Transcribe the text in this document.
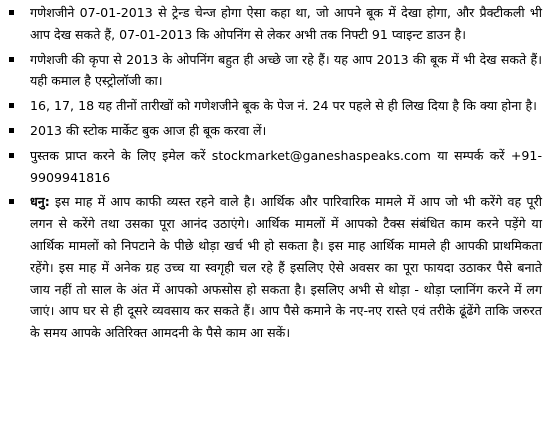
गणेशजीने 07-01-2013 से ट्रेन्ड चेन्ज होगा ऐसा कहा था, जो आपने बूक में देखा होगा, और प्रैक्टीकली भी आप देख सकते हैं, 07-01-2013 कि ओपनिंग से लेकर अभी तक निफ्टी 91 प्वाइन्ट डाउन है।
गणेशजी की कृपा से 2013 के ओपनिंग बहुत ही अच्छे जा रहे हैं। यह आप 2013 की बूक में भी देख सकते हैं। यही कमाल है एस्ट्रोलॉजी का।
16, 17, 18 यह तीनों तारीखों को गणेशजीने बूक के पेज नं. 24 पर पहले से ही लिख दिया है कि क्या होना है।
2013 की स्टोक मार्केट बुक आज ही बूक करवा लें।
पुस्तक प्राप्त करने के लिए इमेल करें stockmarket@ganeshaspeaks.com या सम्पर्क करें +91-9909941816
धनु: इस माह में आप काफी व्यस्त रहने वाले है। आर्थिक और पारिवारिक मामले में आप जो भी करेंगे वह पूरी लगन से करेंगे तथा उसका पूरा आनंद उठाएंगे। आर्थिक मामलों में आपको टैक्स संबंधित काम करने पड़ेंगे या आर्थिक मामलों को निपटाने के पीछे थोड़ा खर्च भी हो सकता है। इस माह आर्थिक मामले ही आपकी प्राथमिकता रहेंगे। इस माह में अनेक ग्रह उच्च या स्वगृही चल रहे हैं इसलिए ऐसे अवसर का पूरा फायदा उठाकर पैसे बनाते जाय नहीं तो साल के अंत में आपको अफसोस हो सकता है। इसलिए अभी से थोड़ा - थोड़ा प्लानिंग करने में लग जाएं। आप घर से ही दूसरे व्यवसाय कर सकते हैं। आप पैसे कमाने के नए-नए रास्ते एवं तरीके ढूंढेंगे ताकि जरुरत के समय आपके अतिरिक्त आमदनी के पैसे काम आ सकें।
